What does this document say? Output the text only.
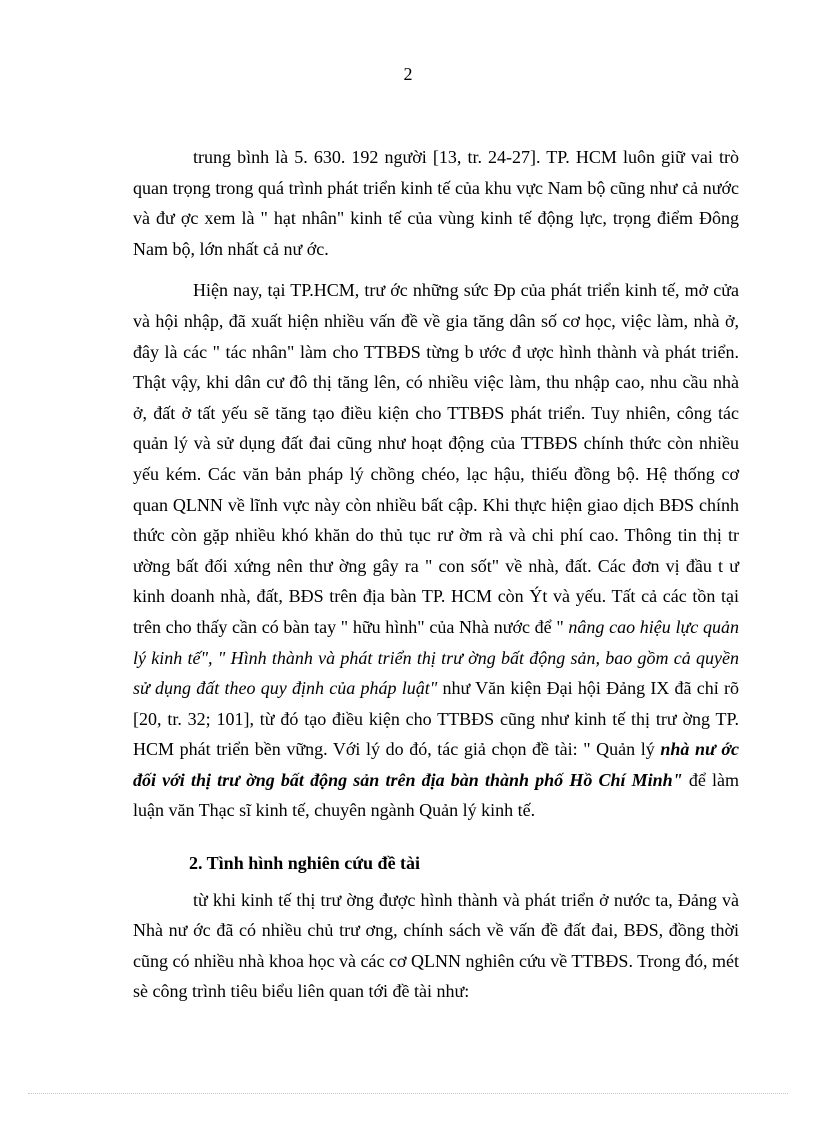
2

trung bình là 5. 630. 192 người [13, tr. 24-27]. TP. HCM luôn giữ vai trò quan trọng trong quá trình phát triển kinh tế của khu vực Nam bộ cũng như cả nước và đư ợc xem là " hạt nhân" kinh tế của vùng kinh tế động lực, trọng điểm Đông Nam bộ, lớn nhất cả nư ớc.

Hiện nay, tại TP.HCM, trư ớc những sức Ðp của phát triển kinh tế, mở cửa và hội nhập, đã xuất hiện nhiều vấn đề về gia tăng dân số cơ học, việc làm, nhà ở, đây là các " tác nhân" làm cho TTBĐS từng b ước đ ược hình thành và phát triển. Thật vậy, khi dân cư đô thị tăng lên, có nhiều việc làm, thu nhập cao, nhu cầu nhà ở, đất ở tất yếu sẽ tăng tạo điều kiện cho TTBĐS phát triển. Tuy nhiên, công tác quản lý và sử dụng đất đai cũng như hoạt động của TTBĐS chính thức còn nhiều yếu kém. Các văn bản pháp lý chồng chéo, lạc hậu, thiếu đồng bộ. Hệ thống cơ quan QLNN về lĩnh vực này còn nhiều bất cập. Khi thực hiện giao dịch BĐS chính thức còn gặp nhiều khó khăn do thủ tục rư ờm rà và chi phí cao. Thông tin thị tr ường bất đối xứng nên thư ờng gây ra " con sốt" về nhà, đất. Các đơn vị đầu t ư kinh doanh nhà, đất, BĐS trên địa bàn TP. HCM còn Ýt và yếu. Tất cả các tồn tại trên cho thấy cần có bàn tay " hữu hình" của Nhà nước để " nâng cao hiệu lực quản lý kinh tế", " Hình thành và phát triển thị trư ờng bất động sản, bao gồm cả quyền sử dụng đất theo quy định của pháp luật" như Văn kiện Đại hội Đảng IX đã chỉ rõ [20, tr. 32; 101], từ đó tạo điều kiện cho TTBĐS cũng như kinh tế thị trư ờng TP. HCM phát triển bền vững. Với lý do đó, tác giả chọn đề tài: " Quản lý nhà nư ớc đối với thị trư ờng bất động sản trên địa bàn thành phố Hồ Chí Minh" để làm luận văn Thạc sĩ kinh tế, chuyên ngành Quản lý kinh tế.

2. Tình hình nghiên cứu đề tài

từ khi kinh tế thị trư ờng được hình thành và phát triển ở nước ta, Đảng và Nhà nư ớc đã có nhiều chủ trư ơng, chính sách về vấn đề đất đai, BĐS, đồng thời cũng có nhiều nhà khoa học và các cơ QLNN nghiên cứu về TTBĐS. Trong đó, mét sè công trình tiêu biểu liên quan tới đề tài như:
